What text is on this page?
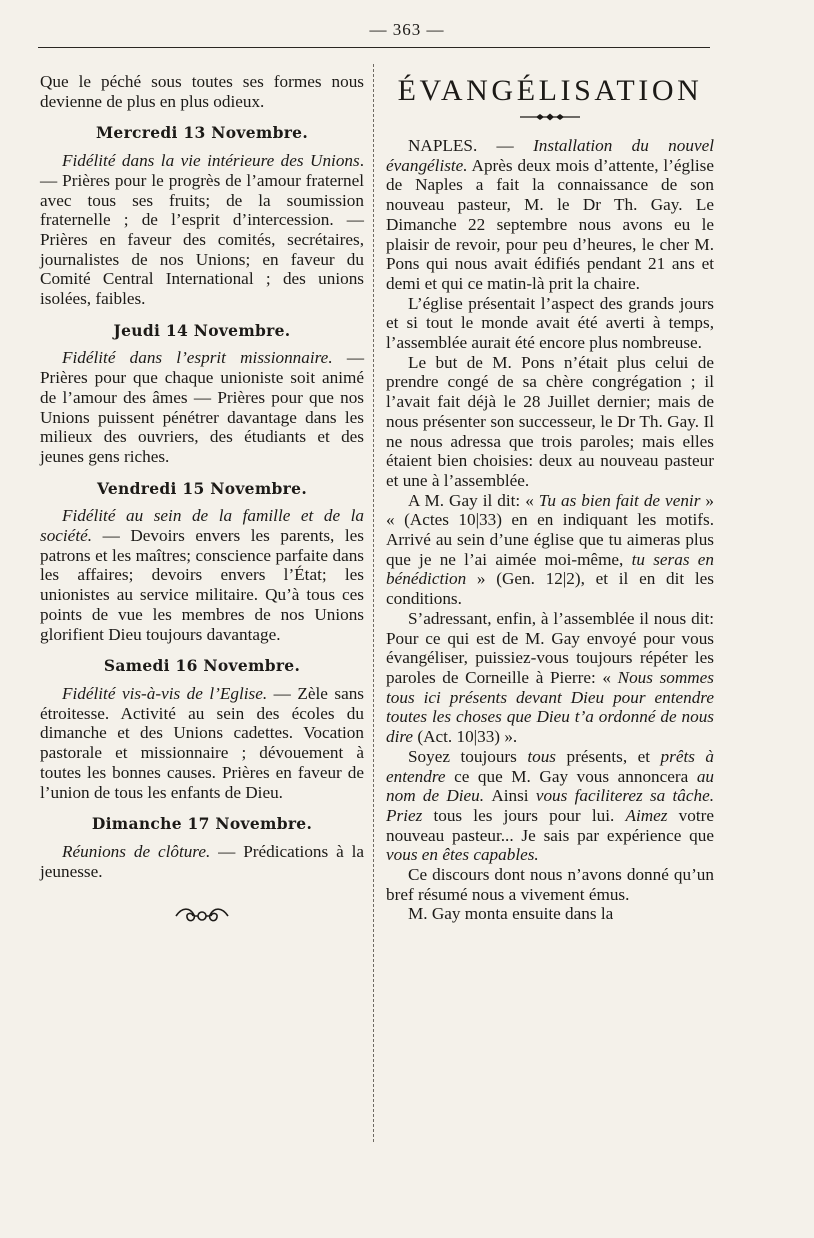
— 363 —

Que le péché sous toutes ses formes nous devienne de plus en plus odieux.

Mercredi 13 Novembre.

Fidélité dans la vie intérieure des Unions. — Prières pour le progrès de l’amour fraternel avec tous ses fruits; de la soumission fraternelle ; de l’esprit d’intercession. — Prières en faveur des comités, secrétaires, journalistes de nos Unions; en faveur du Comité Central International ; des unions isolées, faibles.

Jeudi 14 Novembre.

Fidélité dans l’esprit missionnaire. — Prières pour que chaque unioniste soit animé de l’amour des âmes — Prières pour que nos Unions puissent pénétrer davantage dans les milieux des ouvriers, des étudiants et des jeunes gens riches.

Vendredi 15 Novembre.

Fidélité au sein de la famille et de la société. — Devoirs envers les parents, les patrons et les maîtres; conscience parfaite dans les affaires; devoirs envers l’État; les unionistes au service militaire. Qu’à tous ces points de vue les membres de nos Unions glorifient Dieu toujours davantage.

Samedi 16 Novembre.

Fidélité vis-à-vis de l’Eglise. — Zèle sans étroitesse. Activité au sein des écoles du dimanche et des Unions cadettes. Vocation pastorale et missionnaire ; dévouement à toutes les bonnes causes. Prières en faveur de l’union de tous les enfants de Dieu.

Dimanche 17 Novembre.

Réunions de clôture. — Prédications à la jeunesse.

ÉVANGÉLISATION

NAPLES. — Installation du nouvel évangéliste. Après deux mois d’attente, l’église de Naples a fait la connaissance de son nouveau pasteur, M. le Dr Th. Gay. Le Dimanche 22 septembre nous avons eu le plaisir de revoir, pour peu d’heures, le cher M. Pons qui nous avait édifiés pendant 21 ans et demi et qui ce matin-là prit la chaire.

L’église présentait l’aspect des grands jours et si tout le monde avait été averti à temps, l’assemblée aurait été encore plus nombreuse.

Le but de M. Pons n’était plus celui de prendre congé de sa chère congrégation ; il l’avait fait déjà le 28 Juillet dernier; mais de nous présenter son successeur, le Dr Th. Gay. Il ne nous adressa que trois paroles; mais elles étaient bien choisies: deux au nouveau pasteur et une à l’assemblée.

A M. Gay il dit: « Tu as bien fait de venir » « (Actes 10|33) en en indiquant les motifs. Arrivé au sein d’une église que tu aimeras plus que je ne l’ai aimée moi-même, tu seras en bénédiction » (Gen. 12|2), et il en dit les conditions.

S’adressant, enfin, à l’assemblée il nous dit: Pour ce qui est de M. Gay envoyé pour vous évangéliser, puissiez-vous toujours répéter les paroles de Corneille à Pierre: « Nous sommes tous ici présents devant Dieu pour entendre toutes les choses que Dieu t’a ordonné de nous dire (Act. 10|33) ».

Soyez toujours tous présents, et prêts à entendre ce que M. Gay vous annoncera au nom de Dieu. Ainsi vous faciliterez sa tâche. Priez tous les jours pour lui. Aimez votre nouveau pasteur... Je sais par expérience que vous en êtes capables.

Ce discours dont nous n’avons donné qu’un bref résumé nous a vivement émus.

M. Gay monta ensuite dans la
